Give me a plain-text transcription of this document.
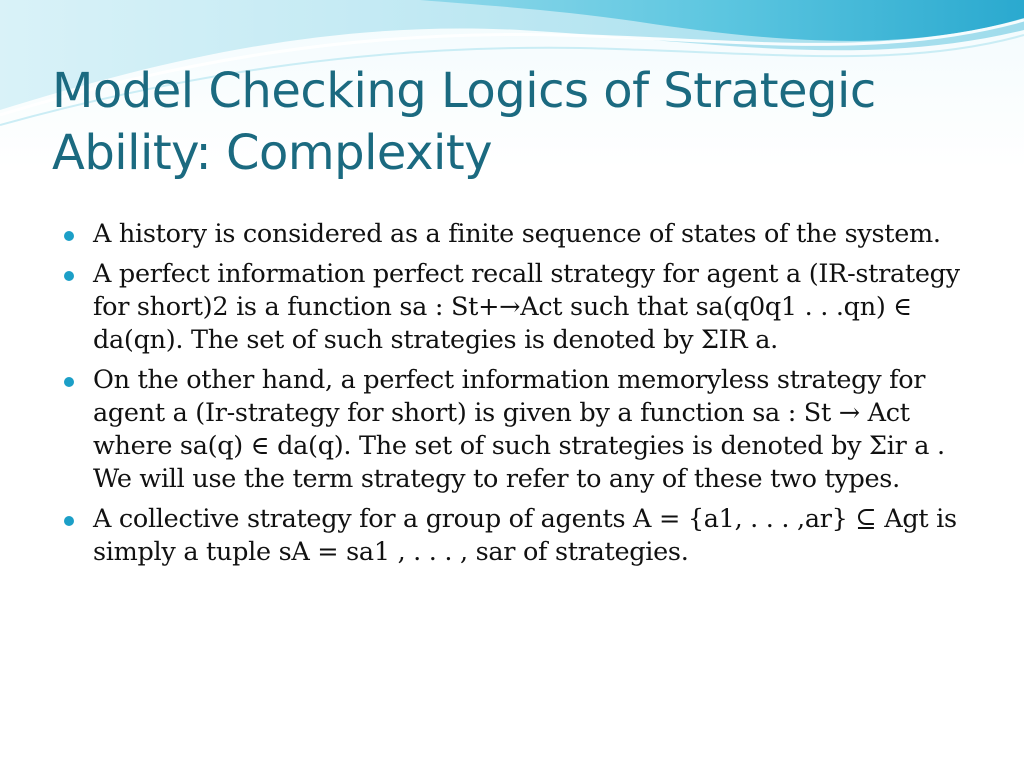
Model Checking Logics of Strategic Ability: Complexity
A history is considered as a finite sequence of states of the system.
A perfect information perfect recall strategy for agent a (IR-strategy for short)2 is a function sa : St+→Act such that sa(q0q1 . . .qn) ∈ da(qn). The set of such strategies is denoted by ΣIR a.
On the other hand, a perfect information memoryless strategy for agent a (Ir-strategy for short) is given by a function sa : St → Act where sa(q) ∈ da(q). The set of such strategies is denoted by Σir a . We will use the term strategy to refer to any of these two types.
A collective strategy for a group of agents A = {a1, . . . ,ar} ⊆ Agt is simply a tuple sA = sa1 , . . . , sar of strategies.
